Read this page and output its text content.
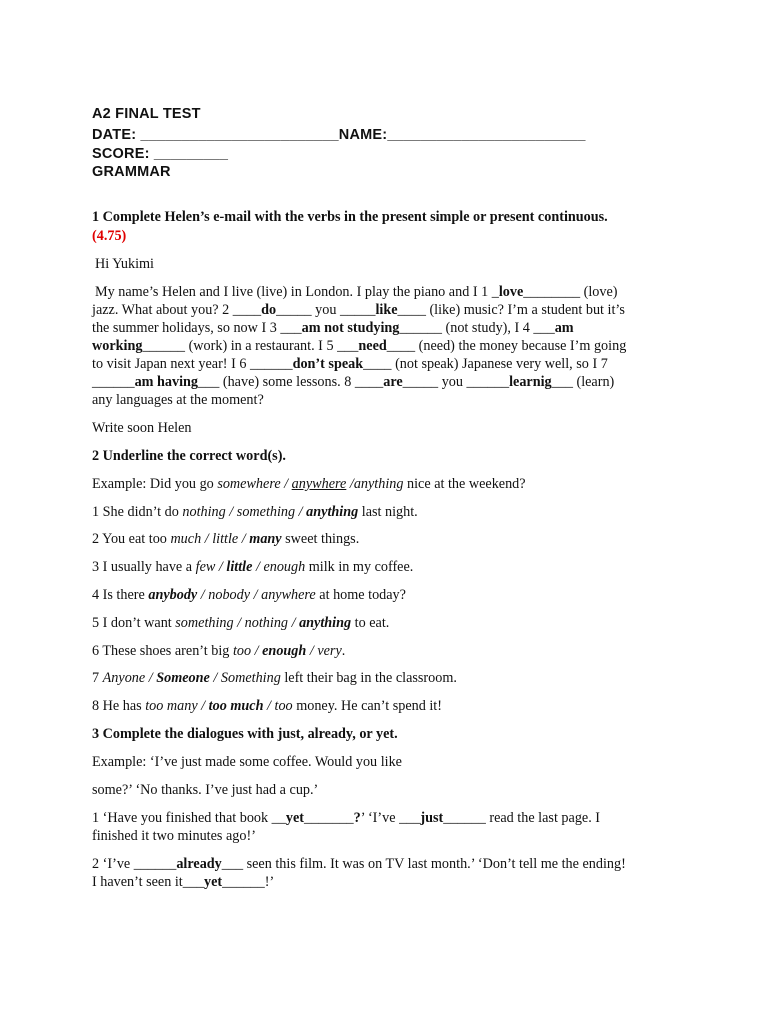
A2 FINAL TEST
DATE: ________________________NAME:________________________
SCORE: _________
GRAMMAR
1 Complete Helen’s e-mail with the verbs in the present simple or present continuous.
(4.75)
Hi Yukimi
My name’s Helen and I live (live) in London. I play the piano and I 1 _love________ (love)
jazz. What about you? 2 ____do_____ you _____like____ (like) music? I’m a student but it’s
the summer holidays, so now I 3 ___am not studying______ (not study), I 4 ___am
working______ (work) in a restaurant. I 5 ___need____ (need) the money because I’m going
to visit Japan next year! I 6 ______don’t speak____ (not speak) Japanese very well, so I 7
______am having___ (have) some lessons. 8 ____are_____ you ______learnig___ (learn)
any languages at the moment?
Write soon Helen
2 Underline the correct word(s).
Example: Did you go somewhere / anywhere /anything nice at the weekend?
1 She didn’t do nothing / something / anything last night.
2 You eat too much / little / many sweet things.
3 I usually have a few / little / enough milk in my coffee.
4 Is there anybody / nobody / anywhere at home today?
5 I don’t want something / nothing / anything to eat.
6 These shoes aren’t big too / enough / very.
7 Anyone / Someone / Something left their bag in the classroom.
8 He has too many / too much / too money. He can’t spend it!
3 Complete the dialogues with just, already, or yet.
Example: ‘I’ve just made some coffee. Would you like
some?’ ‘No thanks. I’ve just had a cup.’
1 ‘Have you finished that book __yet_______?’ ‘I’ve ___just______ read the last page. I
finished it two minutes ago!’
2 ‘I’ve ______already___ seen this film. It was on TV last month.’ ‘Don’t tell me the ending!
I haven’t seen it___yet______!’
